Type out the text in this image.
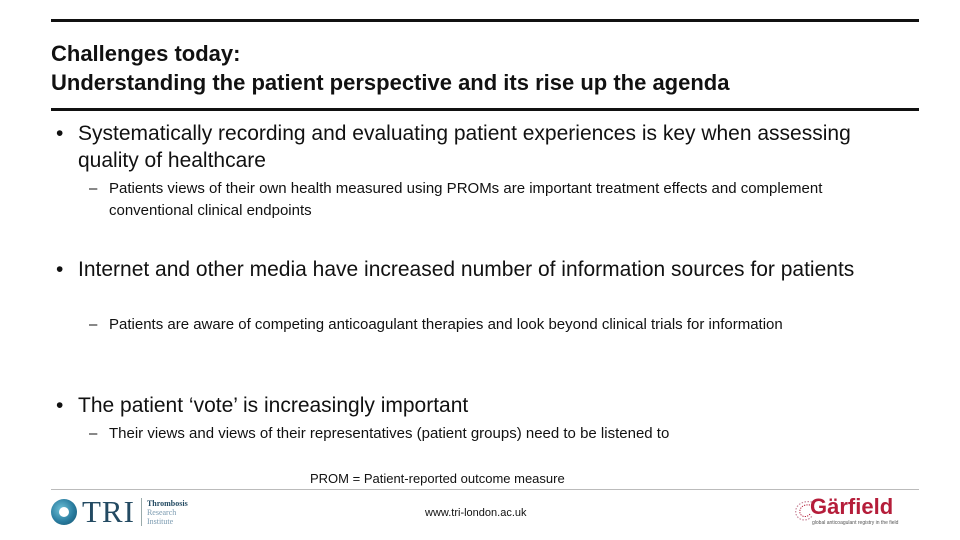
Challenges today:
Understanding the patient perspective and its rise up the agenda
• Systematically recording and evaluating patient experiences is key when assessing quality of healthcare
– Patients views of their own health measured using PROMs are important treatment effects and complement conventional clinical endpoints
• Internet and other media have increased number of information sources for patients
– Patients are aware of competing anticoagulant therapies and look beyond clinical trials for information
• The patient ‘vote’ is increasingly important
– Their views and views of their representatives (patient groups) need to be listened to
PROM = Patient-reported outcome measure
TRI Thrombosis
Research
Institute
www.tri-london.ac.uk	Gärfield
global anticoagulant registry in the field
